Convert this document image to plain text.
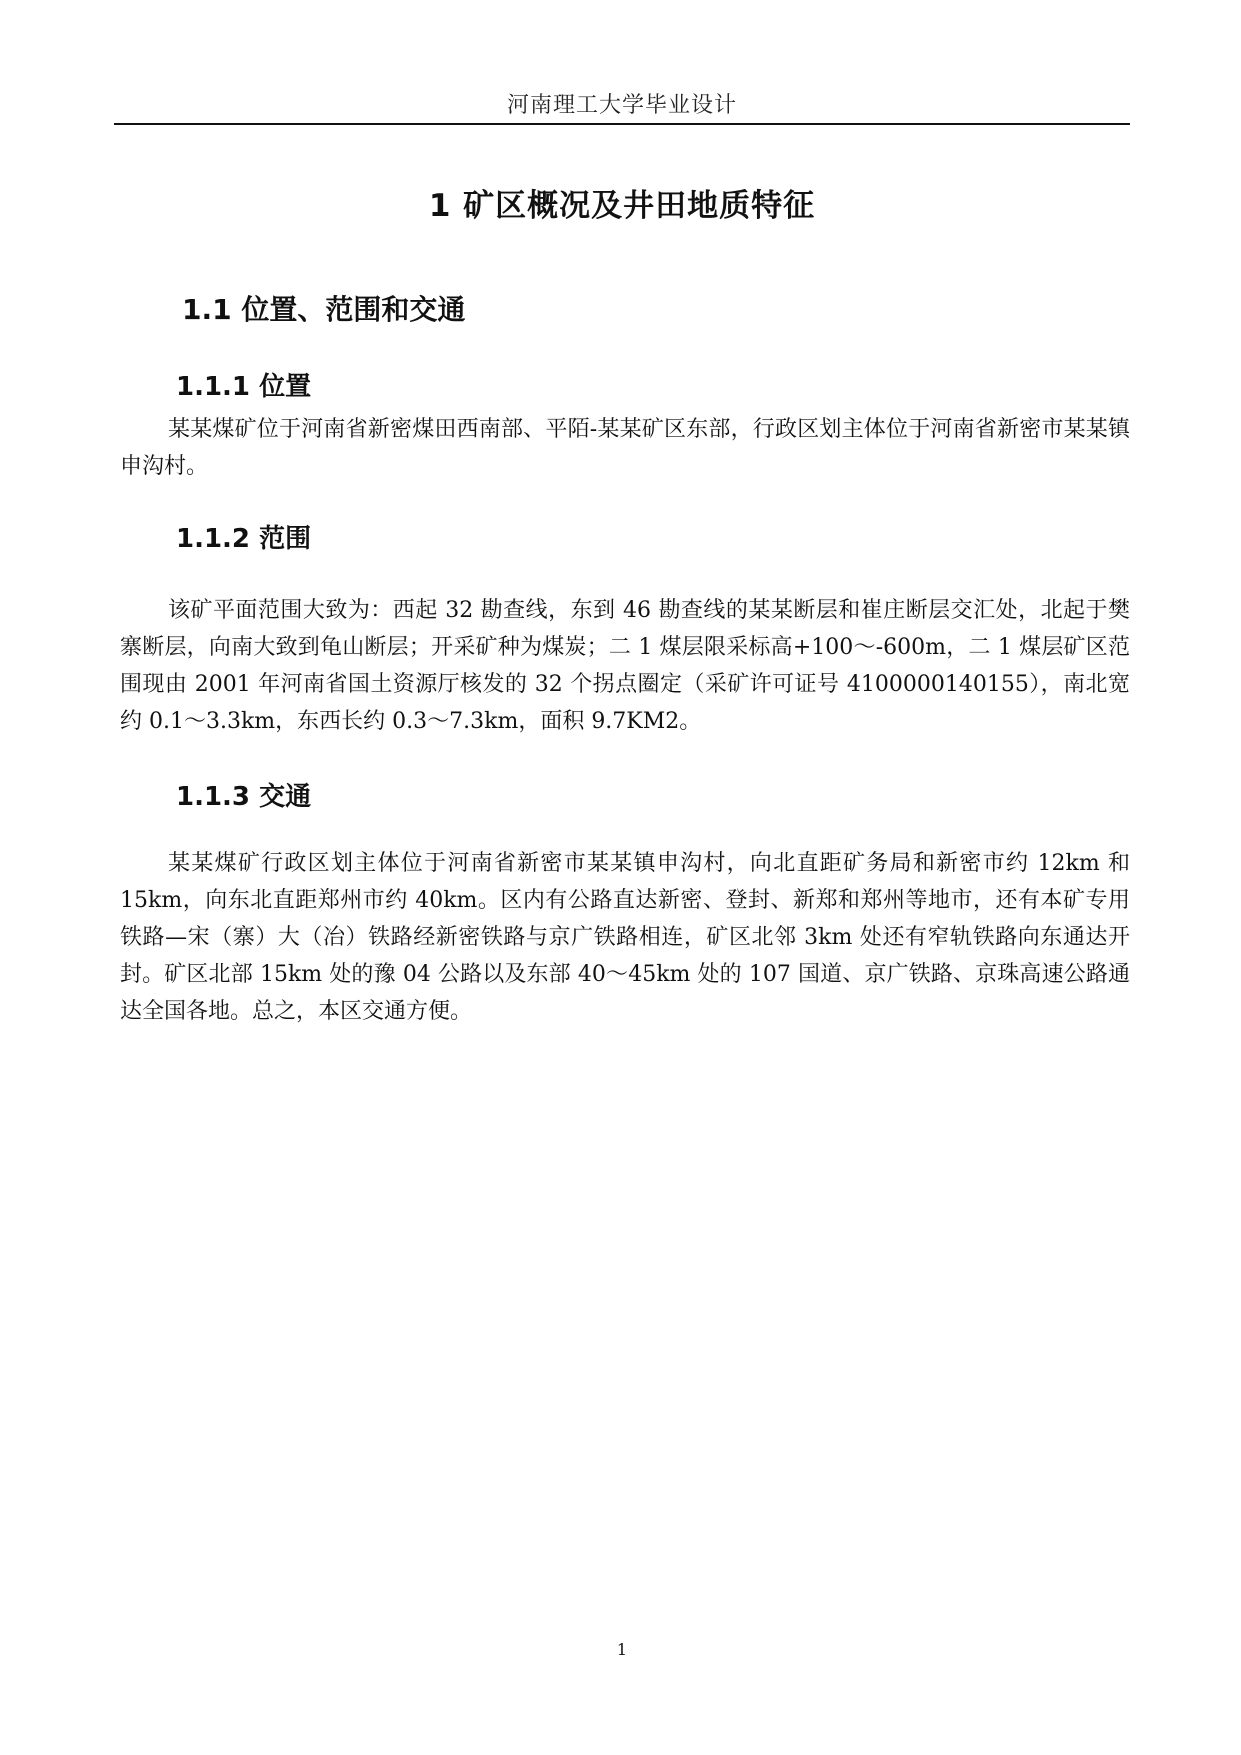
河南理工大学毕业设计
1 矿区概况及井田地质特征
1.1 位置、范围和交通
1.1.1 位置
某某煤矿位于河南省新密煤田西南部、平陌-某某矿区东部，行政区划主体位于河南省新密市某某镇申沟村。
1.1.2 范围
该矿平面范围大致为：西起 32 勘查线，东到 46 勘查线的某某断层和崔庄断层交汇处，北起于樊寨断层，向南大致到龟山断层；开采矿种为煤炭；二 1 煤层限采标高+100～-600m，二 1 煤层矿区范围现由 2001 年河南省国土资源厅核发的 32 个拐点圈定（采矿许可证号 4100000140155），南北宽约 0.1～3.3km，东西长约 0.3～7.3km，面积 9.7KM2。
1.1.3 交通
某某煤矿行政区划主体位于河南省新密市某某镇申沟村，向北直距矿务局和新密市约 12km 和 15km，向东北直距郑州市约 40km。区内有公路直达新密、登封、新郑和郑州等地市，还有本矿专用铁路—宋（寨）大（冶）铁路经新密铁路与京广铁路相连，矿区北邻 3km 处还有窄轨铁路向东通达开封。矿区北部 15km 处的豫 04 公路以及东部 40～45km 处的 107 国道、京广铁路、京珠高速公路通达全国各地。总之，本区交通方便。
1
